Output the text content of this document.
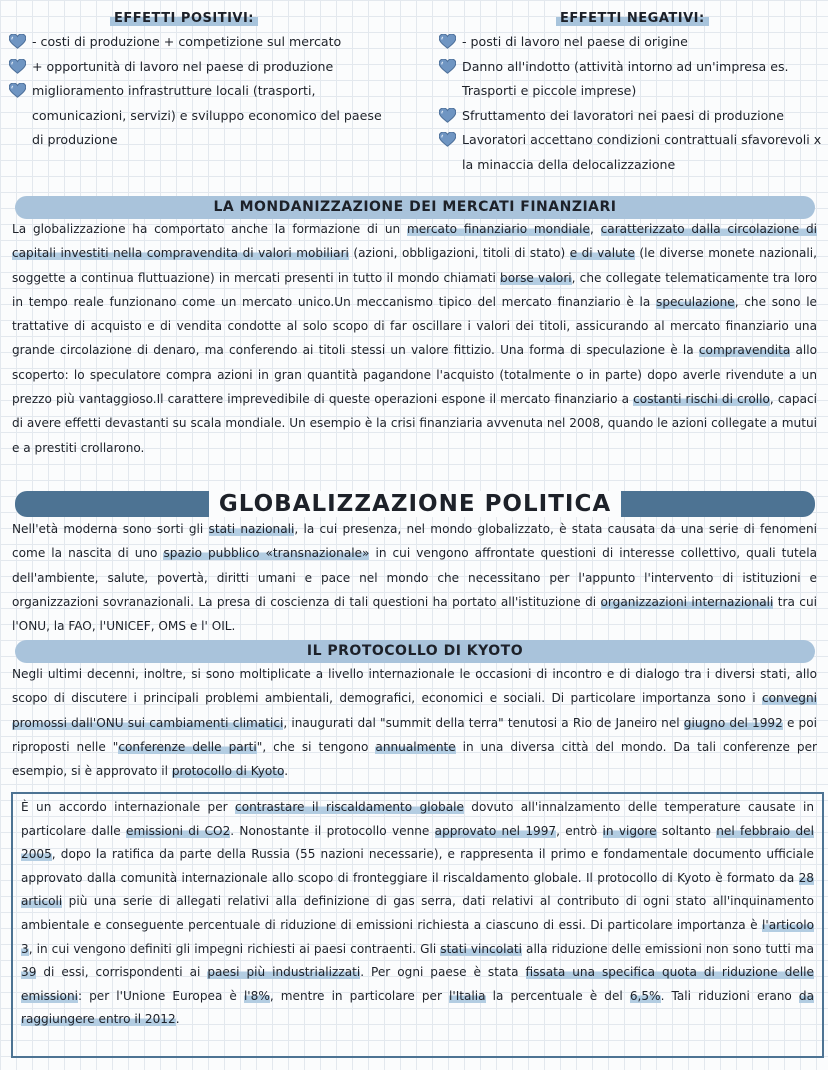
EFFETTI POSITIVI:
- costi di produzione + competizione sul mercato
+ opportunità di lavoro nel paese di produzione
miglioramento infrastrutture locali (trasporti, comunicazioni, servizi) e sviluppo economico del paese di produzione
EFFETTI NEGATIVI:
- posti di lavoro nel paese di origine
Danno all'indotto (attività intorno ad un'impresa es. Trasporti e piccole imprese)
Sfruttamento dei lavoratori nei paesi di produzione
Lavoratori accettano condizioni contrattuali sfavorevoli x la minaccia della delocalizzazione
LA MONDANIZZAZIONE DEI MERCATI FINANZIARI
La globalizzazione ha comportato anche la formazione di un mercato finanziario mondiale, caratterizzato dalla circolazione di capitali investiti nella compravendita di valori mobiliari (azioni, obbligazioni, titoli di stato) e di valute (le diverse monete nazionali, soggette a continua fluttuazione) in mercati presenti in tutto il mondo chiamati borse valori, che collegate telematicamente tra loro in tempo reale funzionano come un mercato unico.Un meccanismo tipico del mercato finanziario è la speculazione, che sono le trattative di acquisto e di vendita condotte al solo scopo di far oscillare i valori dei titoli, assicurando al mercato finanziario una grande circolazione di denaro, ma conferendo ai titoli stessi un valore fittizio. Una forma di speculazione è la compravendita allo scoperto: lo speculatore compra azioni in gran quantità pagandone l'acquisto (totalmente o in parte) dopo averle rivendute a un prezzo più vantaggioso.Il carattere imprevedibile di queste operazioni espone il mercato finanziario a costanti rischi di crollo, capaci di avere effetti devastanti su scala mondiale. Un esempio è la crisi finanziaria avvenuta nel 2008, quando le azioni collegate a mutui e a prestiti crollarono.
GLOBALIZZAZIONE POLITICA
Nell'età moderna sono sorti gli stati nazionali, la cui presenza, nel mondo globalizzato, è stata causata da una serie di fenomeni come la nascita di uno spazio pubblico «transnazionale» in cui vengono affrontate questioni di interesse collettivo, quali tutela dell'ambiente, salute, povertà, diritti umani e pace nel mondo che necessitano per l'appunto l'intervento di istituzioni e organizzazioni sovranazionali. La presa di coscienza di tali questioni ha portato all'istituzione di organizzazioni internazionali tra cui l'ONU, la FAO, l'UNICEF, OMS e l' OIL.
IL PROTOCOLLO DI KYOTO
Negli ultimi decenni, inoltre, si sono moltiplicate a livello internazionale le occasioni di incontro e di dialogo tra i diversi stati, allo scopo di discutere i principali problemi ambientali, demografici, economici e sociali. Di particolare importanza sono i convegni promossi dall'ONU sui cambiamenti climatici, inaugurati dal "summit della terra" tenutosi a Rio de Janeiro nel giugno del 1992 e poi riproposti nelle "conferenze delle parti", che si tengono annualmente in una diversa città del mondo. Da tali conferenze per esempio, si è approvato il protocollo di Kyoto.
È un accordo internazionale per contrastare il riscaldamento globale dovuto all'innalzamento delle temperature causate in particolare dalle emissioni di CO2. Nonostante il protocollo venne approvato nel 1997, entrò in vigore soltanto nel febbraio del 2005, dopo la ratifica da parte della Russia (55 nazioni necessarie), e rappresenta il primo e fondamentale documento ufficiale approvato dalla comunità internazionale allo scopo di fronteggiare il riscaldamento globale. Il protocollo di Kyoto è formato da 28 articoli più una serie di allegati relativi alla definizione di gas serra, dati relativi al contributo di ogni stato all'inquinamento ambientale e conseguente percentuale di riduzione di emissioni richiesta a ciascuno di essi. Di particolare importanza è l'articolo 3, in cui vengono definiti gli impegni richiesti ai paesi contraenti. Gli stati vincolati alla riduzione delle emissioni non sono tutti ma 39 di essi, corrispondenti ai paesi più industrializzati. Per ogni paese è stata fissata una specifica quota di riduzione delle emissioni: per l'Unione Europea è l'8%, mentre in particolare per l'Italia la percentuale è del 6,5%. Tali riduzioni erano da raggiungere entro il 2012.
